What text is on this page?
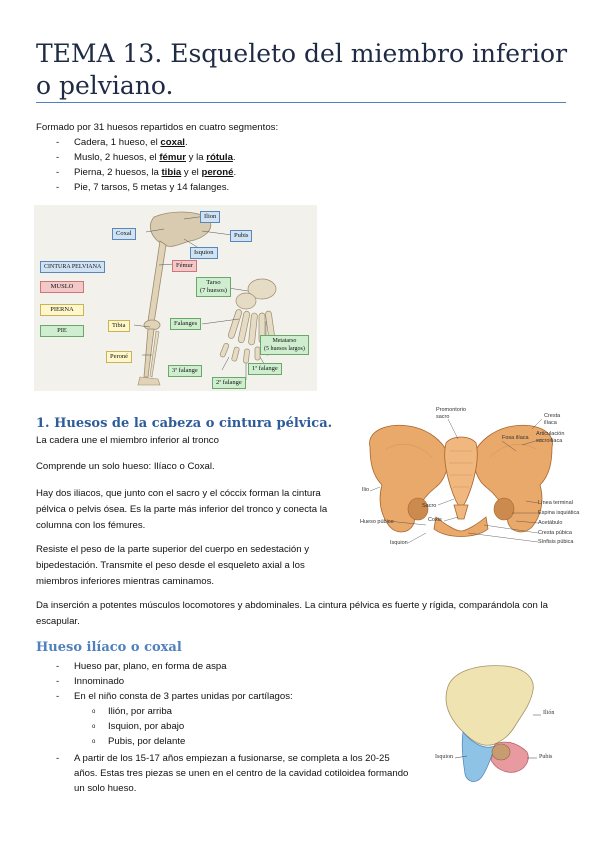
TEMA 13. Esqueleto del miembro inferior o pelviano.
Formado por 31 huesos repartidos en cuatro segmentos:
- Cadera, 1 hueso, el coxal.
- Muslo, 2 huesos, el fémur y la rótula.
- Pierna, 2 huesos, la tibia y el peroné.
- Pie, 7 tarsos, 5 metas y 14 falanges.
Ilion
Coxal	Pubis
Isquion
CINTURA PELVIANA	Fémur
MUSLO
PIERNA
PIE
Tarso
(7 huesos)
Tibia	Falanges
Metatarso
(5 huesos largos)
Peroné
3ª falange	1ª falange
2ª falange
1. Huesos de la cabeza o cintura pélvica.
La cadera une el miembro inferior al tronco
Comprende un solo hueso: Ilíaco o Coxal.
Hay dos iliacos, que junto con el sacro y el cóccix forman la cintura pélvica o pelvis ósea. Es la parte más inferior del tronco y conecta la columna con los fémures.
Resiste el peso de la parte superior del cuerpo en sedestación y bipedestación. Transmite el peso desde el esqueleto axial a los miembros inferiores mientras caminamos.
Da inserción a potentes músculos locomotores y abdominales. La cintura pélvica es fuerte y rígida, comparándola con la escapular.
Promontorio
sacro	Cresta
ilíaca
Articulación
sacroilíaca
Fosa ilíaca
Ilio
Sacro
Coxis
Línea terminal
Espina isquiática
Hueso púbico	Acetábulo
Cresta púbica
Isquion	Sínfisis púbica
Hueso ilíaco o coxal
- Hueso par, plano, en forma de aspa
- Innominado
- En el niño consta de 3 partes unidas por cartílagos:
o Ilión, por arriba
o Isquion, por abajo
o Pubis, por delante
- A partir de los 15-17 años empiezan a fusionarse, se completa a los 20-25
años. Estas tres piezas se unen en el centro de la cavidad cotiloidea formando
un solo hueso.
Ilión
Isquion	Pubis
